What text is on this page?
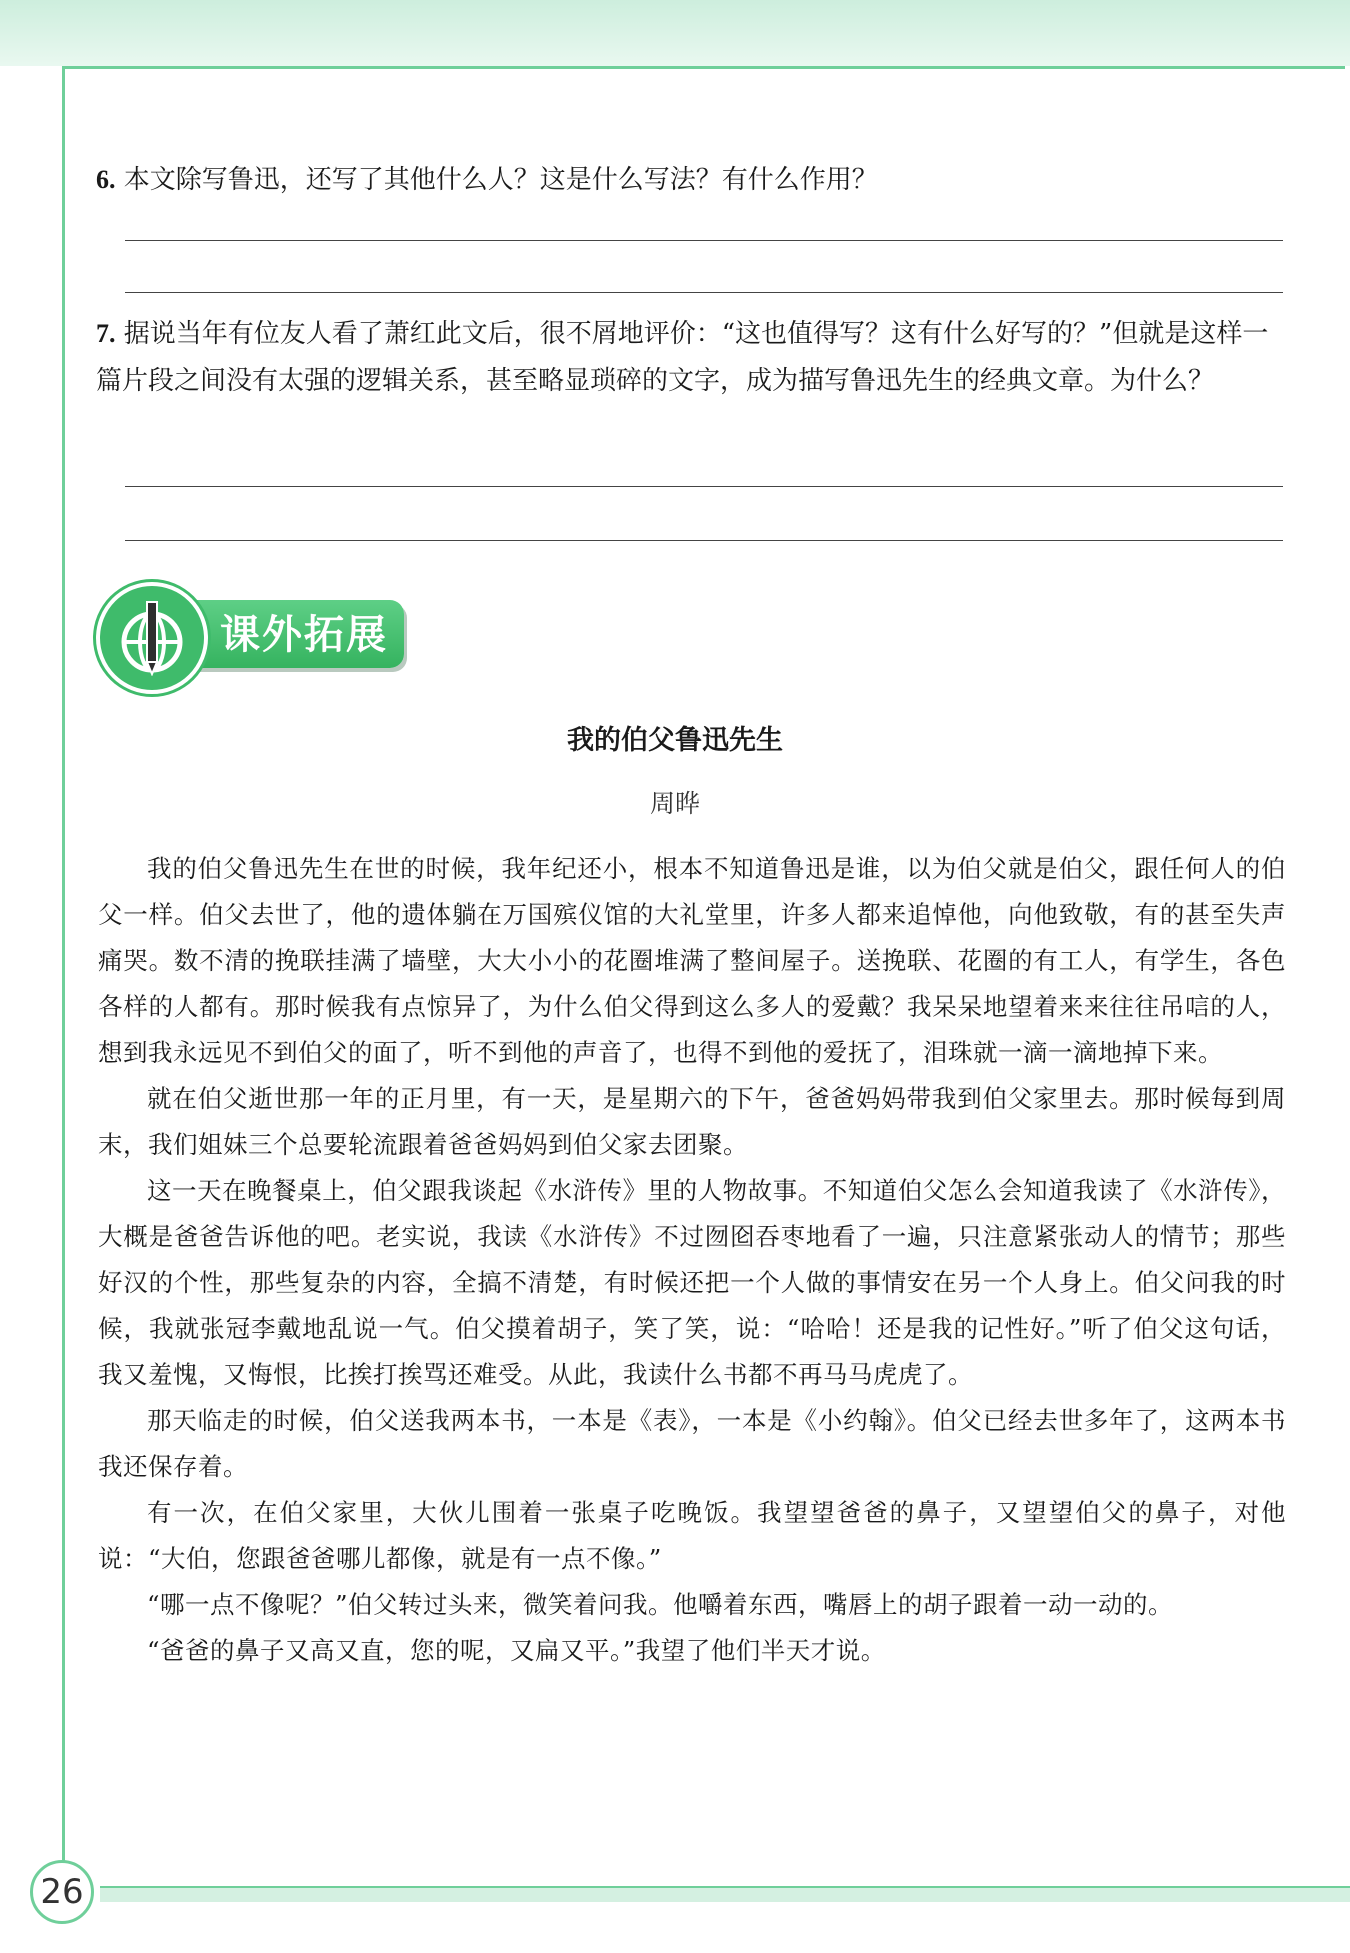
6. 本文除写鲁迅，还写了其他什么人？这是什么写法？有什么作用？
7. 据说当年有位友人看了萧红此文后，很不屑地评价：“这也值得写？这有什么好写的？”但就是这样一篇片段之间没有太强的逻辑关系，甚至略显琐碎的文字，成为描写鲁迅先生的经典文章。为什么？
课外拓展
我的伯父鲁迅先生
周晔

我的伯父鲁迅先生在世的时候，我年纪还小，根本不知道鲁迅是谁，以为伯父就是伯父，跟任何人的伯父一样。伯父去世了，他的遗体躺在万国殡仪馆的大礼堂里，许多人都来追悼他，向他致敬，有的甚至失声痛哭。数不清的挽联挂满了墙壁，大大小小的花圈堆满了整间屋子。送挽联、花圈的有工人，有学生，各色各样的人都有。那时候我有点惊异了，为什么伯父得到这么多人的爱戴？我呆呆地望着来来往往吊唁的人，想到我永远见不到伯父的面了，听不到他的声音了，也得不到他的爱抚了，泪珠就一滴一滴地掉下来。

就在伯父逝世那一年的正月里，有一天，是星期六的下午，爸爸妈妈带我到伯父家里去。那时候每到周末，我们姐妹三个总要轮流跟着爸爸妈妈到伯父家去团聚。

这一天在晚餐桌上，伯父跟我谈起《水浒传》里的人物故事。不知道伯父怎么会知道我读了《水浒传》，大概是爸爸告诉他的吧。老实说，我读《水浒传》不过囫囵吞枣地看了一遍，只注意紧张动人的情节；那些好汉的个性，那些复杂的内容，全搞不清楚，有时候还把一个人做的事情安在另一个人身上。伯父问我的时候，我就张冠李戴地乱说一气。伯父摸着胡子，笑了笑，说：“哈哈！还是我的记性好。”听了伯父这句话，我又羞愧，又悔恨，比挨打挨骂还难受。从此，我读什么书都不再马马虎虎了。

那天临走的时候，伯父送我两本书，一本是《表》，一本是《小约翰》。伯父已经去世多年了，这两本书我还保存着。

有一次，在伯父家里，大伙儿围着一张桌子吃晚饭。我望望爸爸的鼻子，又望望伯父的鼻子，对他说：“大伯，您跟爸爸哪儿都像，就是有一点不像。”

“哪一点不像呢？”伯父转过头来，微笑着问我。他嚼着东西，嘴唇上的胡子跟着一动一动的。

“爸爸的鼻子又高又直，您的呢，又扁又平。”我望了他们半天才说。

26
